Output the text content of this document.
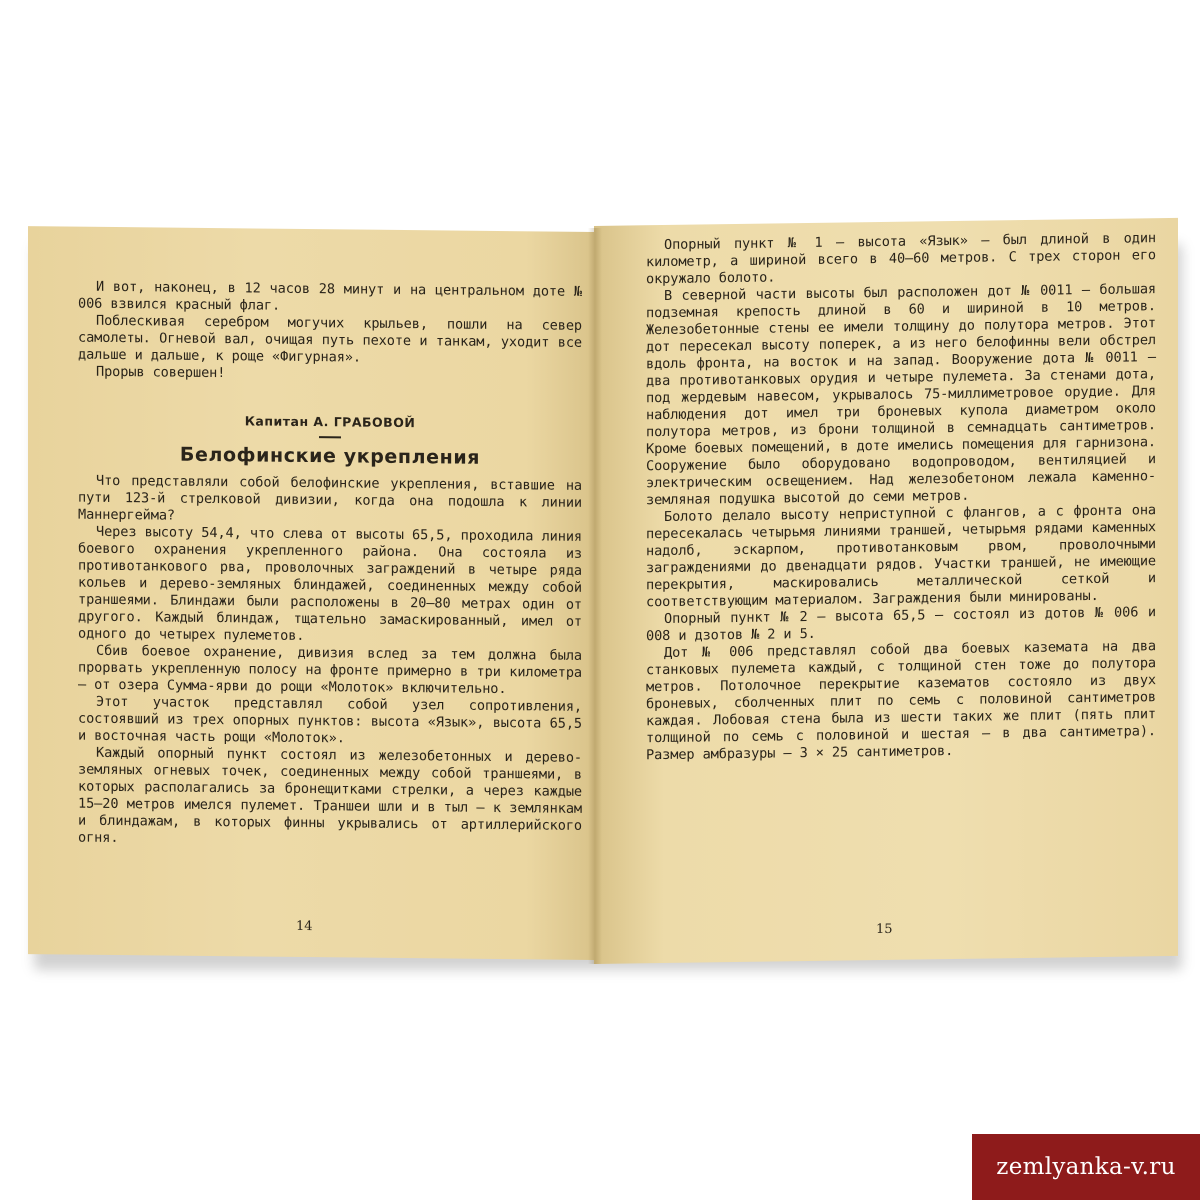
И вот, наконец, в 12 часов 28 минут и на центральном доте № 006 взвился красный флаг.

Поблескивая серебром могучих крыльев, пошли на север самолеты. Огневой вал, очищая путь пехоте и танкам, уходит все дальше и дальше, к роще «Фигурная».

Прорыв совершен!

Капитан А. ГРАБОВОЙ

Белофинские укрепления

Что представляли собой белофинские укрепления, вставшие на пути 123-й стрелковой дивизии, когда она подошла к линии Маннергейма?

Через высоту 54,4, что слева от высоты 65,5, проходила линия боевого охранения укрепленного района. Она состояла из противотанкового рва, проволочных заграждений в четыре ряда кольев и дерево-земляных блиндажей, соединенных между собой траншеями. Блиндажи были расположены в 20—80 метрах один от другого. Каждый блиндаж, тщательно замаскированный, имел от одного до четырех пулеметов.

Сбив боевое охранение, дивизия вслед за тем должна была прорвать укрепленную полосу на фронте примерно в три километра — от озера Сумма-ярви до рощи «Молоток» включительно.

Этот участок представлял собой узел сопротивления, состоявший из трех опорных пунктов: высота «Язык», высота 65,5 и восточная часть рощи «Молоток».

Каждый опорный пункт состоял из железобетонных и дерево-земляных огневых точек, соединенных между собой траншеями, в которых располагались за бронещитками стрелки, а через каждые 15—20 метров имелся пулемет. Траншеи шли и в тыл — к землянкам и блиндажам, в которых финны укрывались от артиллерийского огня.

14

Опорный пункт № 1 — высота «Язык» — был длиной в один километр, а шириной всего в 40—60 метров. С трех сторон его окружало болото.

В северной части высоты был расположен дот № 0011 — большая подземная крепость длиной в 60 и шириной в 10 метров. Железобетонные стены ее имели толщину до полутора метров. Этот дот пересекал высоту поперек, а из него белофинны вели обстрел вдоль фронта, на восток и на запад. Вооружение дота № 0011 — два противотанковых орудия и четыре пулемета. За стенами дота, под жердевым навесом, укрывалось 75-миллиметровое орудие. Для наблюдения дот имел три броневых купола диаметром около полутора метров, из брони толщиной в семнадцать сантиметров. Кроме боевых помещений, в доте имелись помещения для гарнизона. Сооружение было оборудовано водопроводом, вентиляцией и электрическим освещением. Над железобетоном лежала каменно-земляная подушка высотой до семи метров.

Болото делало высоту неприступной с флангов, а с фронта она пересекалась четырьмя линиями траншей, четырьмя рядами каменных надолб, эскарпом, противотанковым рвом, проволочными заграждениями до двенадцати рядов. Участки траншей, не имеющие перекрытия, маскировались металлической сеткой и соответствующим материалом. Заграждения были минированы.

Опорный пункт № 2 — высота 65,5 — состоял из дотов № 006 и 008 и дзотов № 2 и 5.

Дот № 006 представлял собой два боевых каземата на два станковых пулемета каждый, с толщиной стен тоже до полутора метров. Потолочное перекрытие казематов состояло из двух броневых, сболченных плит по семь с половиной сантиметров каждая. Лобовая стена была из шести таких же плит (пять плит толщиной по семь с половиной и шестая — в два сантиметра). Размер амбразуры — 3 × 25 сантиметров.

15
zemlyanka-v.ru
